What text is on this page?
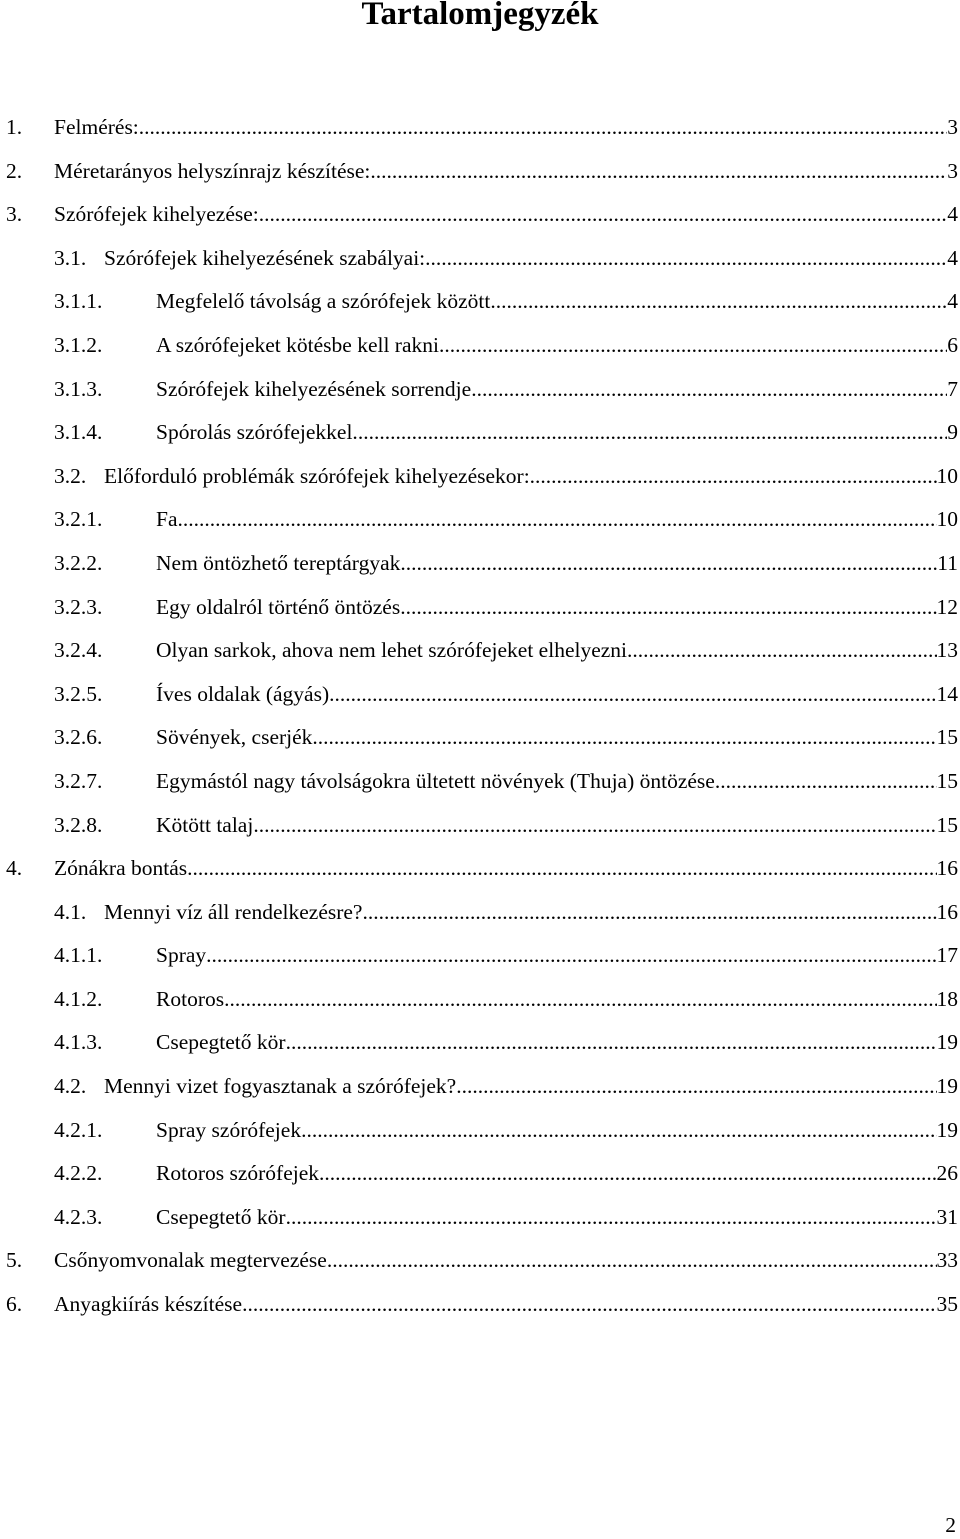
Tartalomjegyzék
1. Felmérés: .....	3
2. Méretarányos helyszínrajz készítése: .....	3
3. Szórófejek kihelyezése: .....	4
3.1. Szórófejek kihelyezésének szabályai: .....	4
3.1.1. Megfelelő távolság a szórófejek között. .....	4
3.1.2. A szórófejeket kötésbe kell rakni. .....	6
3.1.3. Szórófejek kihelyezésének sorrendje .....	7
3.1.4. Spórolás szórófejekkel. .....	9
3.2. Előforduló problémák szórófejek kihelyezésekor: .....	10
3.2.1. Fa .....	10
3.2.2. Nem öntözhető tereptárgyak .....	11
3.2.3. Egy oldalról történő öntözés .....	12
3.2.4. Olyan sarkok, ahova nem lehet szórófejeket elhelyezni .....	13
3.2.5. Íves oldalak (ágyás) .....	14
3.2.6. Sövények, cserjék .....	15
3.2.7. Egymástól nagy távolságokra ültetett növények (Thuja) öntözése .....	15
3.2.8. Kötött talaj .....	15
4. Zónákra bontás .....	16
4.1. Mennyi víz áll rendelkezésre? .....	16
4.1.1. Spray .....	17
4.1.2. Rotoros .....	18
4.1.3. Csepegtető kör .....	19
4.2. Mennyi vizet fogyasztanak a szórófejek? .....	19
4.2.1. Spray szórófejek .....	19
4.2.2. Rotoros szórófejek .....	26
4.2.3. Csepegtető kör .....	31
5. Csőnyomvonalak megtervezése .....	33
6. Anyagkiírás készítése .....	35
2
